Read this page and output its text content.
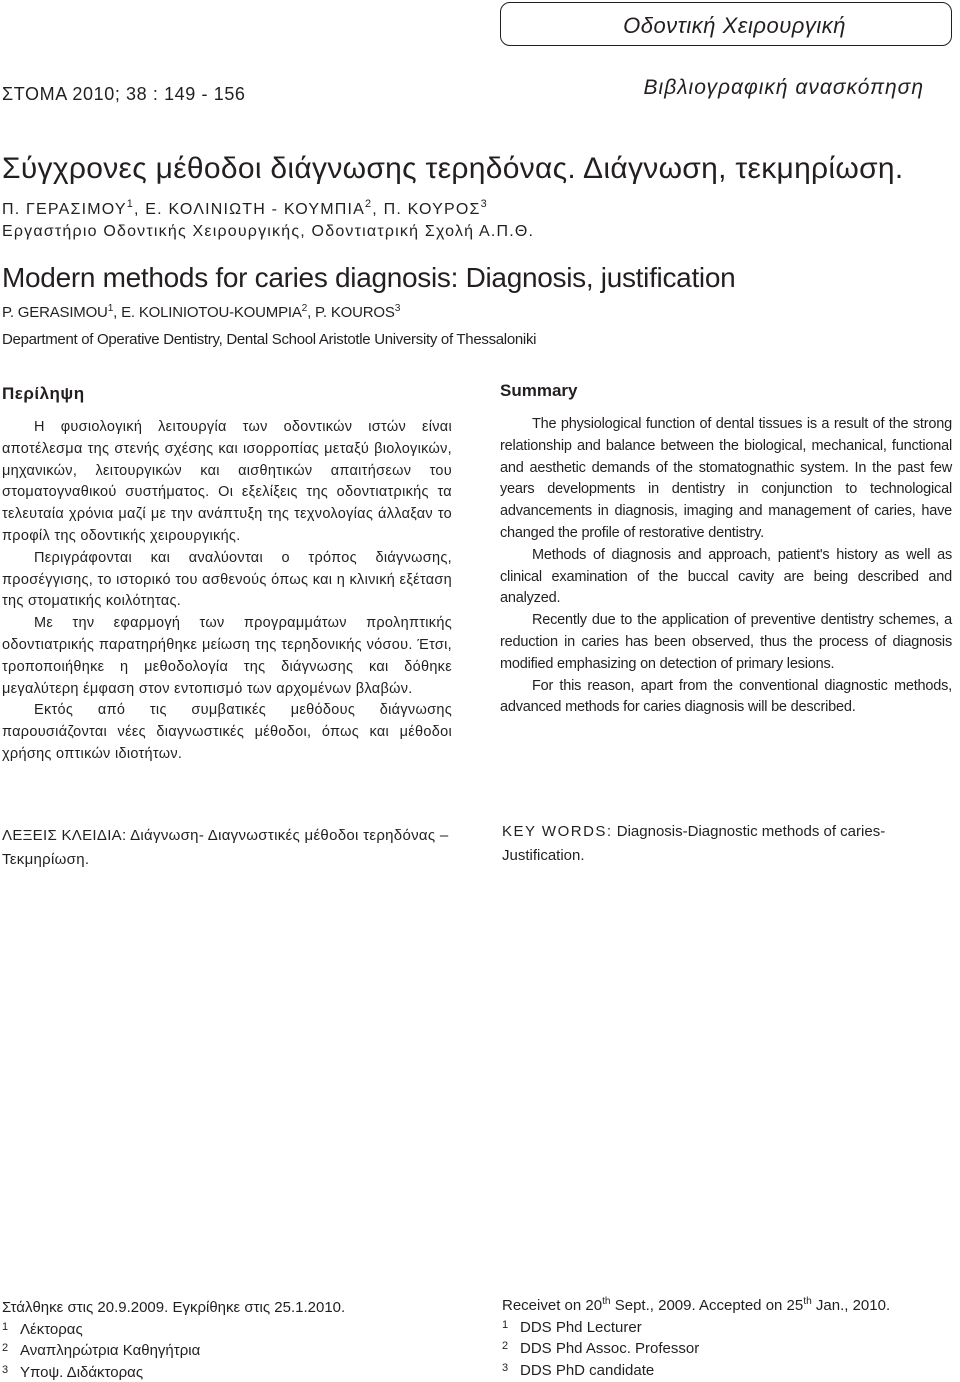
Οδοντική Χειρουργική
ΣΤΟΜΑ 2010; 38 : 149 - 156	Βιβλιογραφική ανασκόπηση
Σύγχρονες μέθοδοι διάγνωσης τερηδόνας. Διάγνωση, τεκμηρίωση.
Π. ΓΕΡΑΣΙΜΟΥ$^1$, Ε. ΚΟΛΙΝΙΩΤΗ - ΚΟΥΜΠΙΑ$^2$, Π. ΚΟΥΡΟΣ$^3$
Εργαστήριο Οδοντικής Χειρουργικής, Οδοντιατρική Σχολή Α.Π.Θ.
Modern methods for caries diagnosis: Diagnosis, justification
P. GERASIMOU$^1$, E. KOLINIOTOU-KOUMPIA$^2$, P. KOUROS$^3$
Department of Operative Dentistry, Dental School Aristotle University of Thessaloniki
Περίληψη

Η φυσιολογική λειτουργία των οδοντικών ιστών είναι αποτέλεσμα της στενής σχέσης και ισορροπίας μεταξύ βιολογικών, μηχανικών, λειτουργικών και αισθητικών απαιτήσεων του στοματογναθικού συστήματος. Οι εξελίξεις της οδοντιατρικής τα τελευταία χρόνια μαζί με την ανάπτυξη της τεχνολογίας άλλαξαν το προφίλ της οδοντικής χειρουργικής.

Περιγράφονται και αναλύονται ο τρόπος διάγνωσης, προσέγγισης, το ιστορικό του ασθενούς όπως και η κλινική εξέταση της στοματικής κοιλότητας.

Με την εφαρμογή των προγραμμάτων προληπτικής οδοντιατρικής παρατηρήθηκε μείωση της τερηδονικής νόσου. Έτσι, τροποποιήθηκε η μεθοδολογία της διάγνωσης και δόθηκε μεγαλύτερη έμφαση στον εντοπισμό των αρχομένων βλαβών.

Εκτός από τις συμβατικές μεθόδους διάγνωσης παρουσιάζονται νέες διαγνωστικές μέθοδοι, όπως και μέθοδοι χρήσης οπτικών ιδιοτήτων.

Summary

The physiological function of dental tissues is a result of the strong relationship and balance between the biological, mechanical, functional and aesthetic demands of the stomatognathic system. In the past few years developments in dentistry in conjunction to technological advancements in diagnosis, imaging and management of caries, have changed the profile of restorative dentistry.

Methods of diagnosis and approach, patient's history as well as clinical examination of the buccal cavity are being described and analyzed.

Recently due to the application of preventive dentistry schemes, a reduction in caries has been observed, thus the process of diagnosis modified emphasizing on detection of primary lesions.

For this reason, apart from the conventional diagnostic methods, advanced methods for caries diagnosis will be described.

ΛΕΞΕΙΣ ΚΛΕΙΔΙΑ: Διάγνωση- Διαγνωστικές μέθοδοι τερηδόνας –Τεκμηρίωση.
KEY WORDS: Diagnosis-Diagnostic methods of caries-Justification.
Στάλθηκε στις 20.9.2009. Εγκρίθηκε στις 25.1.2010.
1 Λέκτορας
2 Αναπληρώτρια Καθηγήτρια
3 Υποψ. Διδάκτορας
Receivet on 20th Sept., 2009. Accepted on 25th Jan., 2010.
1 DDS Phd Lecturer
2 DDS Phd Assoc. Professor
3 DDS PhD candidate
